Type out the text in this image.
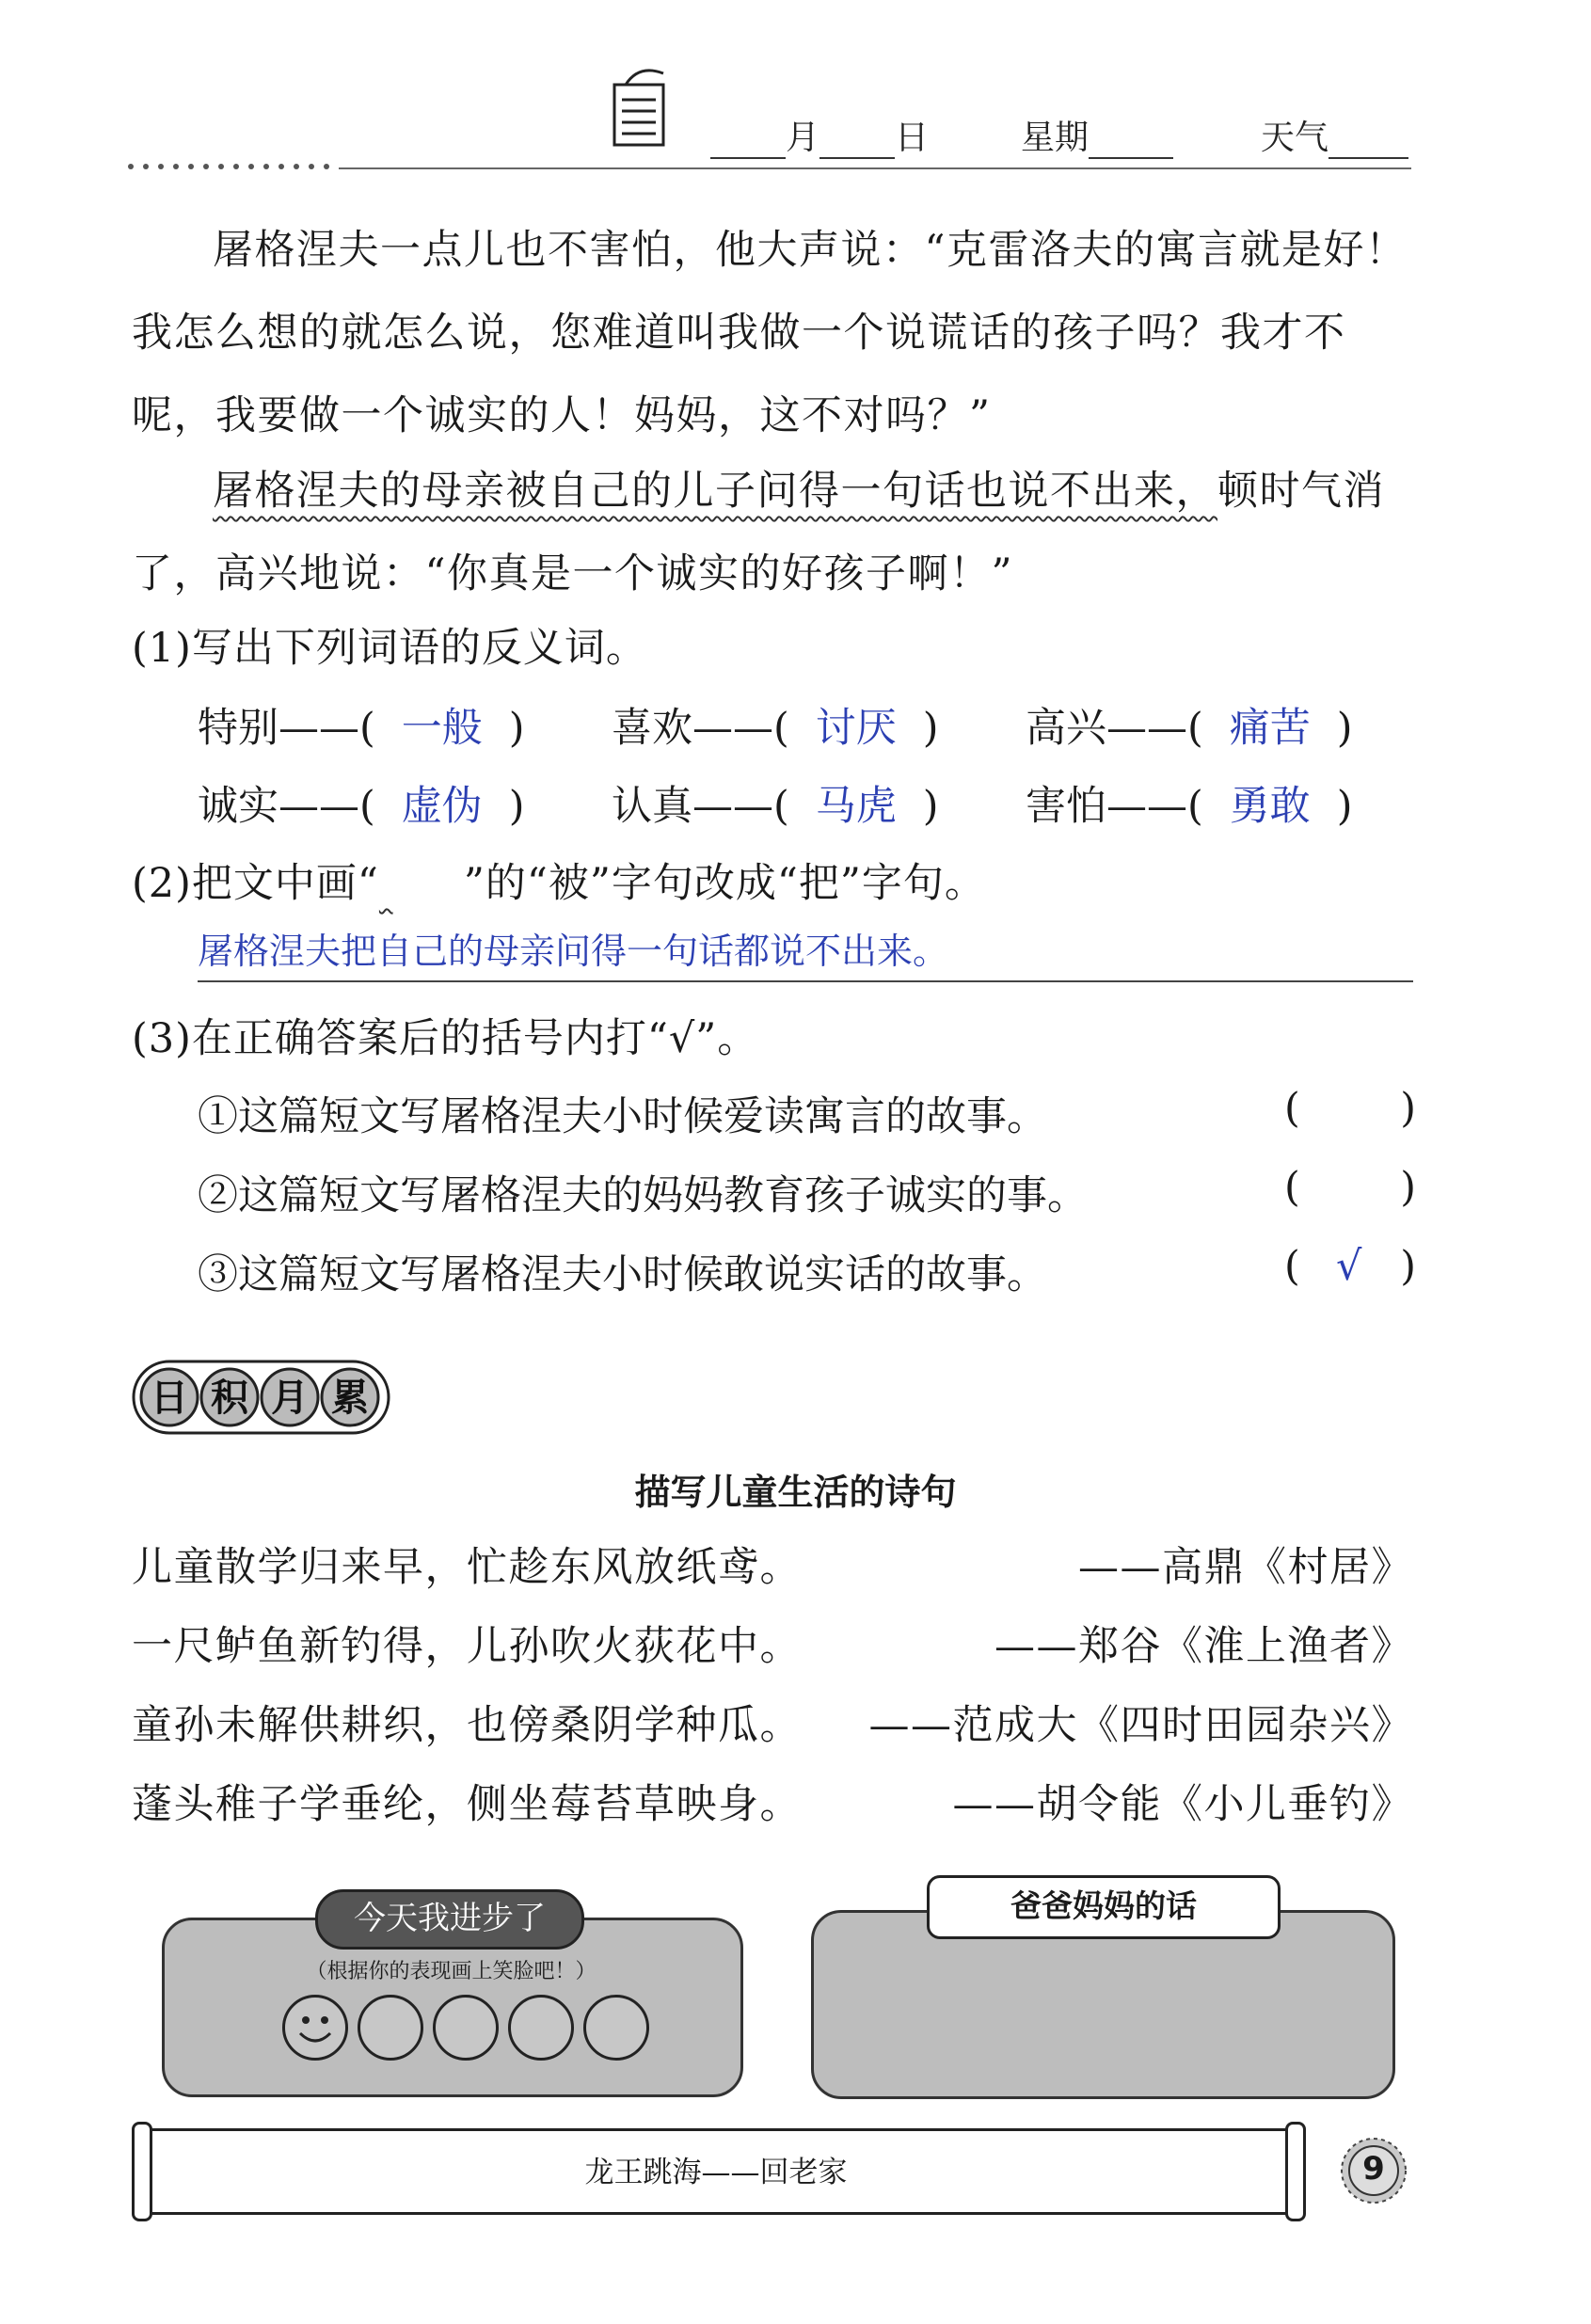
月 日	星期	天气
屠格涅夫一点儿也不害怕，他大声说：“克雷洛夫的寓言就是好！我怎么想的就怎么说，您难道叫我做一个说谎话的孩子吗？我才不呢，我要做一个诚实的人！妈妈，这不对吗？”
屠格涅夫的母亲被自己的儿子问得一句话也说不出来，顿时气消了，高兴地说：“你真是一个诚实的好孩子啊！”
(1)写出下列词语的反义词。
特别——( 一般 ) 喜欢——( 讨厌 ) 高兴——( 痛苦 )
诚实——( 虚伪 ) 认真——( 马虎 ) 害怕——( 勇敢 )
(2)把文中画“ ”的“被”字句改成“把”字句。
屠格涅夫把自己的母亲问得一句话都说不出来。
(3)在正确答案后的括号内打“√”。
①这篇短文写屠格涅夫小时候爱读寓言的故事。	( )
②这篇短文写屠格涅夫的妈妈教育孩子诚实的事。	( )
③这篇短文写屠格涅夫小时候敢说实话的故事。	( √ )
日 积 月 累
描写儿童生活的诗句
儿童散学归来早，忙趁东风放纸鸢。	——高鼎《村居》
一尺鲈鱼新钓得，儿孙吹火荻花中。	——郑谷《淮上渔者》
童孙未解供耕织，也傍桑阴学种瓜。 ——范成大《四时田园杂兴》
蓬头稚子学垂纶，侧坐莓苔草映身。	——胡令能《小儿垂钓》
今天我进步了
（根据你的表现画上笑脸吧！）
爸爸妈妈的话
龙王跳海——回老家	9
